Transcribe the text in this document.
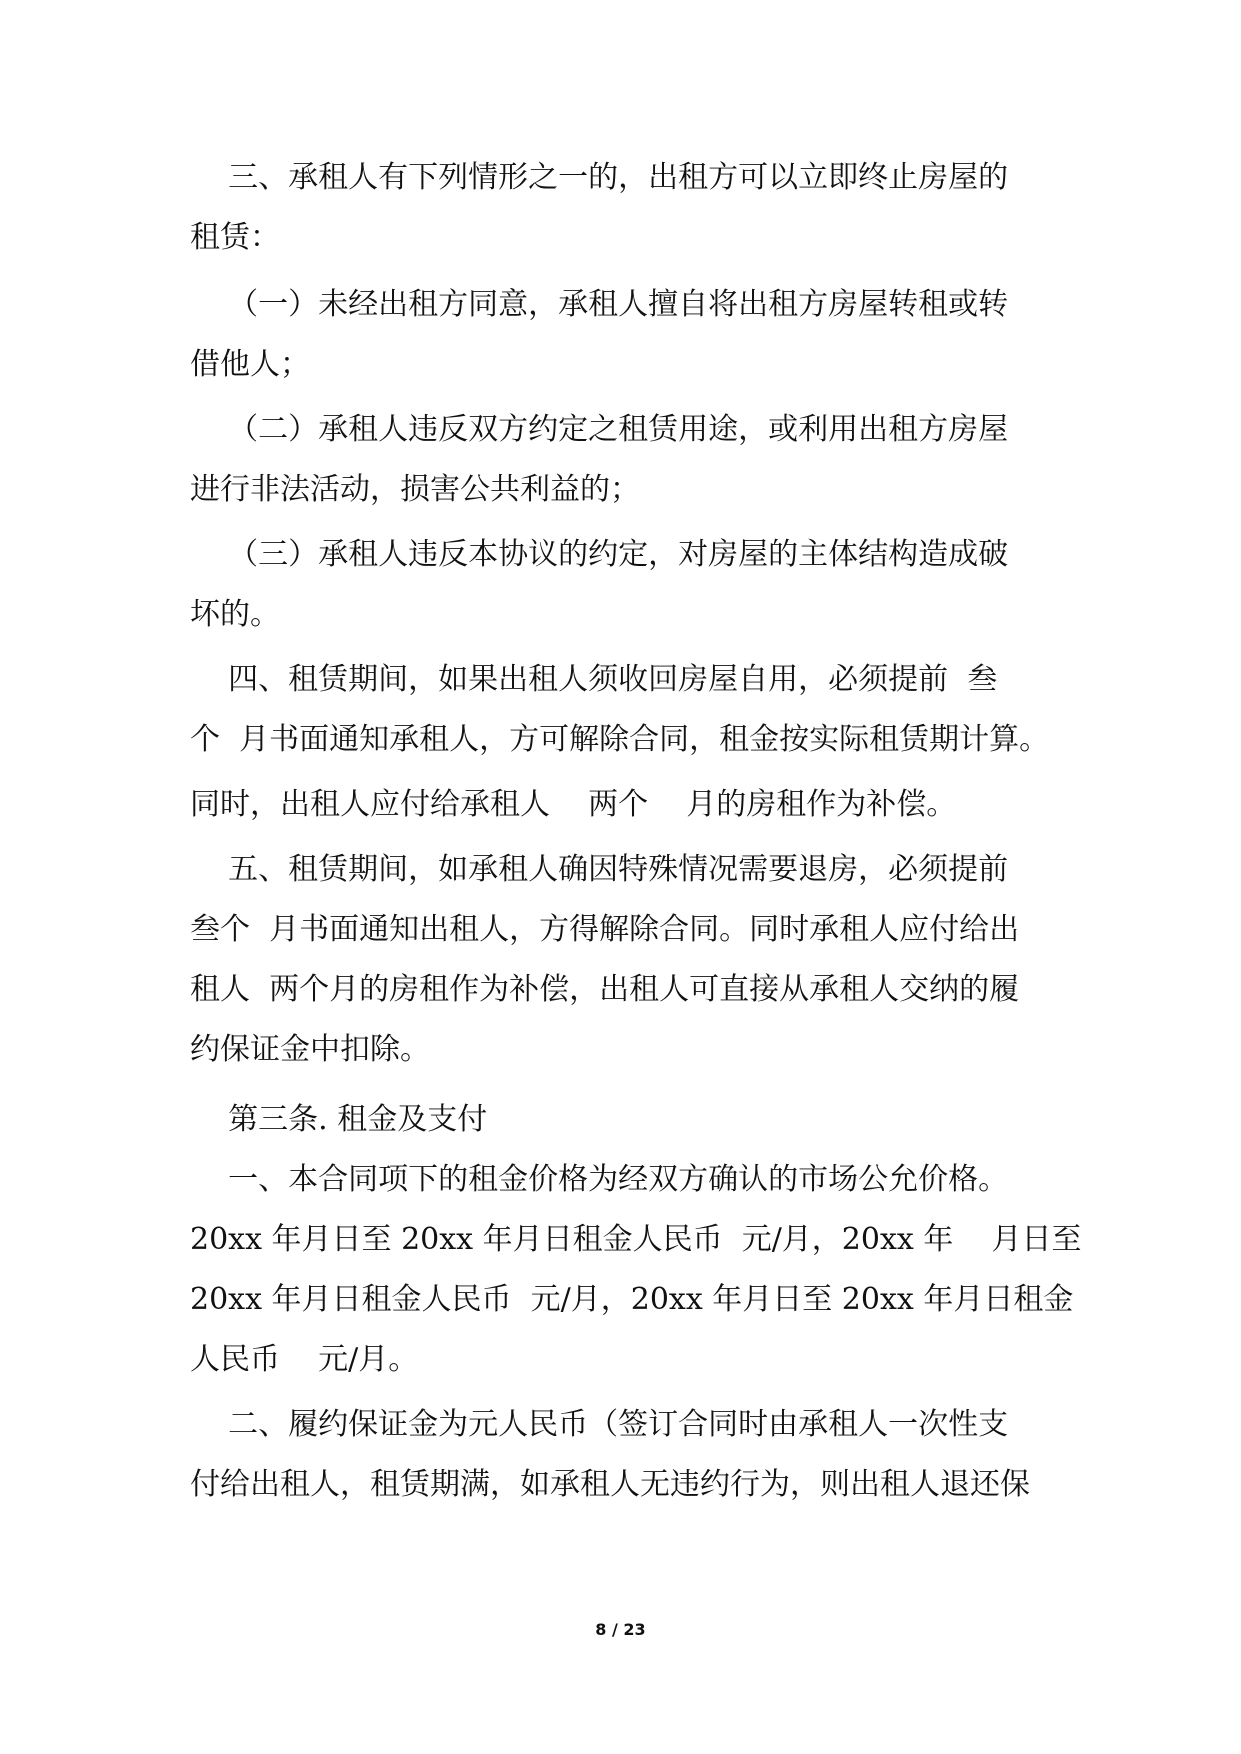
三、承租人有下列情形之一的，出租方可以立即终止房屋的
租赁：
（一）未经出租方同意，承租人擅自将出租方房屋转租或转
借他人；
（二）承租人违反双方约定之租赁用途，或利用出租方房屋
进行非法活动，损害公共利益的；
（三）承租人违反本协议的约定，对房屋的主体结构造成破
坏的。
四、租赁期间，如果出租人须收回房屋自用，必须提前  叁
个  月书面通知承租人，方可解除合同，租金按实际租赁期计算。
同时，出租人应付给承租人    两个    月的房租作为补偿。
五、租赁期间，如承租人确因特殊情况需要退房，必须提前
叁个  月书面通知出租人，方得解除合同。同时承租人应付给出
租人  两个月的房租作为补偿，出租人可直接从承租人交纳的履
约保证金中扣除。
第三条. 租金及支付
一、本合同项下的租金价格为经双方确认的市场公允价格。
20xx 年月日至 20xx 年月日租金人民币  元/月，20xx 年    月日至
20xx 年月日租金人民币  元/月，20xx 年月日至 20xx 年月日租金
人民币    元/月。
二、履约保证金为元人民币（签订合同时由承租人一次性支
付给出租人，租赁期满，如承租人无违约行为，则出租人退还保
8 / 23
